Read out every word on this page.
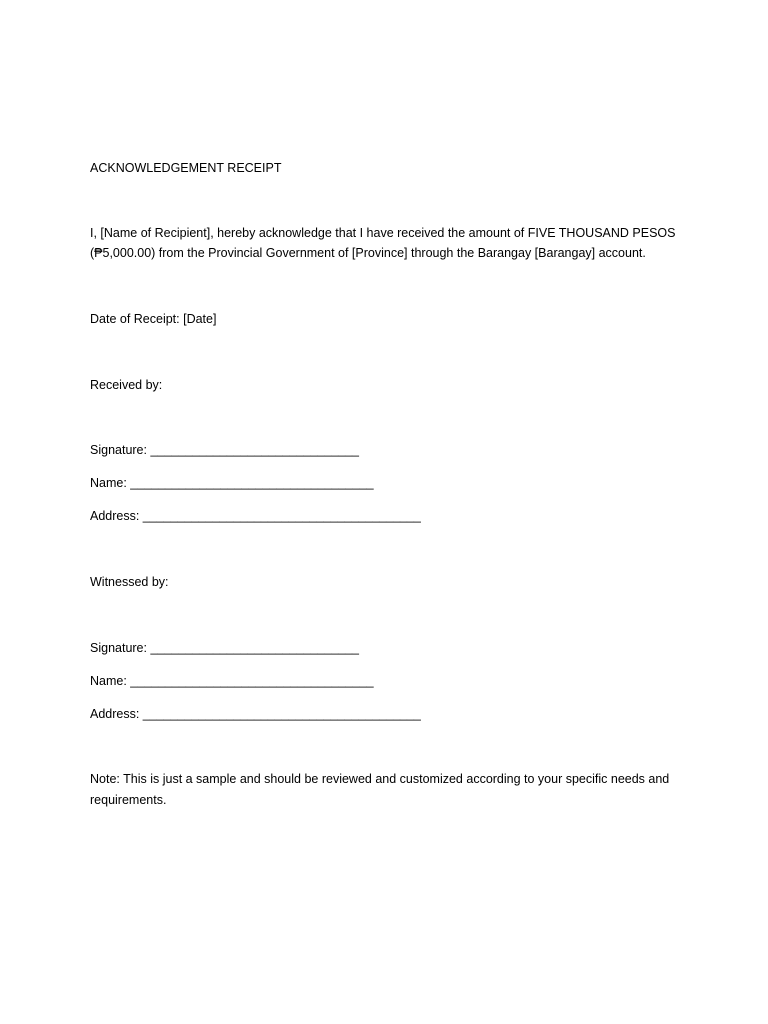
ACKNOWLEDGEMENT RECEIPT
I, [Name of Recipient], hereby acknowledge that I have received the amount of FIVE THOUSAND PESOS
(₱5,000.00) from the Provincial Government of [Province] through the Barangay [Barangay] account.
Date of Receipt: [Date]
Received by:
Signature: ______________________________
Name: ___________________________________
Address: ________________________________________
Witnessed by:
Signature: ______________________________
Name: ___________________________________
Address: ________________________________________
Note: This is just a sample and should be reviewed and customized according to your specific needs and
requirements.
